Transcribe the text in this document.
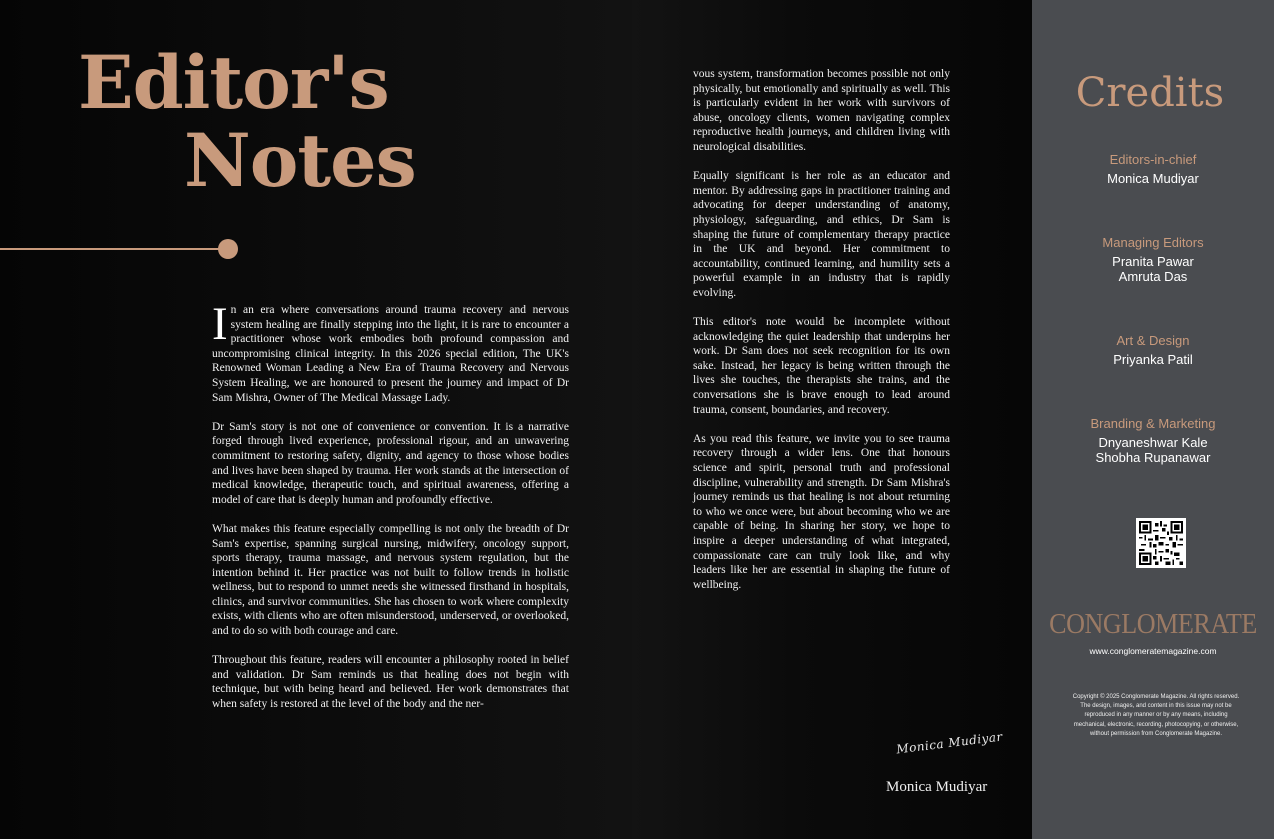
Editor's
Notes

In an era where conversations around trauma recovery and nervous system healing are finally stepping into the light, it is rare to encounter a practitioner whose work embodies both profound compassion and uncompromising clinical integrity. In this 2026 special edition, The UK's Renowned Woman Leading a New Era of Trauma Recovery and Nervous System Healing, we are honoured to present the journey and impact of Dr Sam Mishra, Owner of The Medical Massage Lady.

Dr Sam's story is not one of convenience or convention. It is a narrative forged through lived experience, professional rigour, and an unwavering commitment to restoring safety, dignity, and agency to those whose bodies and lives have been shaped by trauma. Her work stands at the intersection of medical knowledge, therapeutic touch, and spiritual awareness, offering a model of care that is deeply human and profoundly effective.

What makes this feature especially compelling is not only the breadth of Dr Sam's expertise, spanning surgical nursing, midwifery, oncology support, sports therapy, trauma massage, and nervous system regulation, but the intention behind it. Her practice was not built to follow trends in holistic wellness, but to respond to unmet needs she witnessed firsthand in hospitals, clinics, and survivor communities. She has chosen to work where complexity exists, with clients who are often misunderstood, underserved, or overlooked, and to do so with both courage and care.

Throughout this feature, readers will encounter a philosophy rooted in belief and validation. Dr Sam reminds us that healing does not begin with technique, but with being heard and believed. Her work demonstrates that when safety is restored at the level of the body and the ner-

vous system, transformation becomes possible not only physically, but emotionally and spiritually as well. This is particularly evident in her work with survivors of abuse, oncology clients, women navigating complex reproductive health journeys, and children living with neurological disabilities.

Equally significant is her role as an educator and mentor. By addressing gaps in practitioner training and advocating for deeper understanding of anatomy, physiology, safeguarding, and ethics, Dr Sam is shaping the future of complementary therapy practice in the UK and beyond. Her commitment to accountability, continued learning, and humility sets a powerful example in an industry that is rapidly evolving.

This editor's note would be incomplete without acknowledging the quiet leadership that underpins her work. Dr Sam does not seek recognition for its own sake. Instead, her legacy is being written through the lives she touches, the therapists she trains, and the conversations she is brave enough to lead around trauma, consent, boundaries, and recovery.

As you read this feature, we invite you to see trauma recovery through a wider lens. One that honours science and spirit, personal truth and professional discipline, vulnerability and strength. Dr Sam Mishra's journey reminds us that healing is not about returning to who we once were, but about becoming who we are capable of being. In sharing her story, we hope to inspire a deeper understanding of what integrated, compassionate care can truly look like, and why leaders like her are essential in shaping the future of wellbeing.

Monica Mudiyar
Monica Mudiyar
Credits
Editors-in-chief
Monica Mudiyar
Managing Editors
Pranita Pawar
Amruta Das
Art & Design
Priyanka Patil
Branding & Marketing
Dnyaneshwar Kale
Shobha Rupanawar
CONGLOMERATE
www.conglomeratemagazine.com
Copyright © 2025 Conglomerate Magazine. All rights reserved. The design, images, and content in this issue may not be reproduced in any manner or by any means, including mechanical, electronic, recording, photocopying, or otherwise, without permission from Conglomerate Magazine.
